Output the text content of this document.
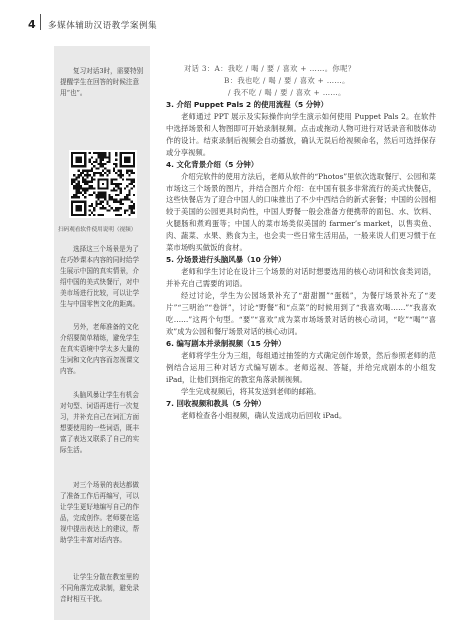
4 多媒体辅助汉语教学案例集

复习对话3时，需要特别提醒学生在回答的时候注意用“也”。

扫码观看软件使用说明（视频）

选择这三个场景是为了在巧妙课本内容的同时给学生展示中国的真实情景，介绍中国的美式快餐厅，对中美市场进行比较，可以让学生与中国零售文化的距离。

另外，老师准备的文化介绍要简单精练，避免学生在真实语境中学太多大量的生词和文化内容而忽视课文内容。

头脑风暴让学生有机会对句型、词语再进行一次复习，并补充自己在词汇方面想要使用的一些词语，既丰富了表达又联系了自己的实际生活。

对三个场景的表达都做了准备工作后再编写，可以让学生更好地编写自己的作品，完成创作。老师要在巡视中提出表达上的建议，帮助学生丰富对话内容。

让学生分散在教室里的不同角落完成录制，避免录音时相互干扰。

对话 3：A：我吃 / 喝 / 要 / 喜欢 + ……。你呢？

B：我也吃 / 喝 / 要 / 喜欢 + ……。

/ 我不吃 / 喝 / 要 / 喜欢 + ……。

3. 介绍 Puppet Pals 2 的使用流程（5 分钟）

老师通过 PPT 展示及实际操作向学生演示如何使用 Puppet Pals 2。在软件中选择场景和人物图即可开始录制视频。点击或拖动人物可进行对话录音和肢体动作的设计。结束录制后视频会自动播放，确认无误后给视频命名，然后可选择保存或分享视频。

4. 文化背景介绍（5 分钟）

介绍完软件的使用方法后，老师从软件的“Photos”里依次选取餐厅、公园和菜市场这三个场景的图片，并结合图片介绍：在中国有很多非常流行的美式快餐店，这些快餐店为了迎合中国人的口味推出了不少中西结合的新式套餐；中国的公园相较于美国的公园更具时尚性，中国人野餐一般会准备方便携带的面包、水、饮料、火腿肠和煮鸡蛋等；中国人的菜市场类似美国的 farmer’s market，以售卖鱼、肉、蔬菜、水果、熟食为主，也会卖一些日常生活用品，一般来说人们更习惯于在菜市场购买做饭的食材。

5. 分场景进行头脑风暴（10 分钟）

老师和学生讨论在设计三个场景的对话时想要选用的核心动词和饮食类词语，并补充自己需要的词语。

经过讨论，学生为公园场景补充了“甜甜圈”“蛋糕”，为餐厅场景补充了“麦片”“三明治”“卷饼”，讨论“野餐”和“点菜”的时候用到了“我喜欢喝……”“我喜欢吃……”这两个句型。“要”“喜欢”成为菜市场场景对话的核心动词，“吃”“喝”“喜欢”成为公园和餐厅场景对话的核心动词。

6. 编写剧本并录制视频（15 分钟）

老师将学生分为三组，每组通过抽签的方式确定创作场景，然后参照老师的范例结合运用三种对话方式编写剧本。老师巡视、答疑，并给完成剧本的小组发 iPad，让他们到指定的教室角落录制视频。

学生完成视频后，将其发送到老师的邮箱。

7. 回收视频和教具（5 分钟）

老师检查各小组视频，确认发送成功后回收 iPad。
